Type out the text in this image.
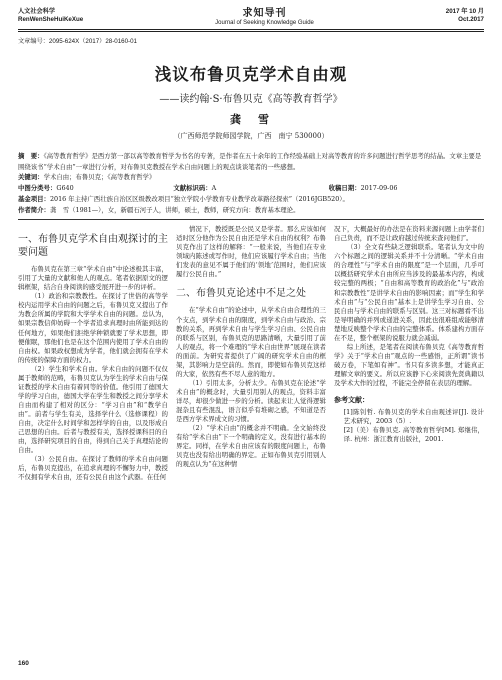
人文社会科学
RenWenSheHuiKeXue
求知导刊
Journal of Seeking Knowledge Guide
2017 年 10 月
Oct.2017
文章编号：2095-624X（2017）28-0160-01
浅议布鲁贝克学术自由观
——读约翰·S·布鲁贝克《高等教育哲学》
龚　雪
（广西师范学院师园学院，广西　南宁 530000）
摘　要：《高等教育哲学》是西方第一部以高等教育哲学为书名的专著，是作者在五十余年的工作经验基础上对高等教育的许多问题进行哲学思考的结晶。文章主要是围绕该书“学术自由”一章进行分析，对布鲁贝克教授在学术自由问题上的观点谈谈笔者的一些感想。
关键词：学术自由；布鲁贝克；《高等教育哲学》
中图分类号：G640	文献标识码：A	收稿日期：2017-09-06
基金项目：2016 年主持广西壮族自治区区级教改项目“独立学院小学教育专业教学改革路径探索”（2016JGB520）。
作者简介：龚　雪（1981—），女，新疆石河子人，讲师，硕士，教师，研究方向：教育基本理论。
一、布鲁贝克学术自由观探讨的主要问题

布鲁贝克在第三章“学术自由”中论述极其丰富，引用了大量的文献和他人的观点。笔者依据原文的逻辑框架，结合自身阅读的感受展开进一步的评析。

（1）政治和宗教教性。在探讨了世俗的高等学校内运用学术自由的问题之后，布鲁贝克又提出了作为教会所属的学院和大学学术自由的问题。总认为，如果宗教信仰妨碍一个学者追求真理时由所能到达的任何地方，如果他们拒绝学种锁就要了学术思想，即便催眠，那他们也是在这个范围内使用了学术自由的自由权。如果政权想成为学者，他们就会拥有在学术的传统的保障方面的权力。

（2）学生和学术自由。学术自由的问题不仅仅属于教师的范畴，布鲁贝克认为学生的学术自由与保证教授的学术自由有着同等的价值。他引用了德国大学的学习自由，德国大学在学生和教授之间分享学术自由而构建了相对的区分：“学习自由”和“教学自由”。前者与学生有关，选择学什么（选修课程）的自由，决定什么时间学和怎样学的自由，以及形成自己思想的自由。后者与教授有关，选择授课科目的自由，选择研究项目的自由，得到自己关于真理结论的自由。

（3）公民自由。在探讨了教师的学术自由问题后，布鲁贝克提出，在追求真理的不懈努力中，教授不仅拥有学术自由，还有公民自由这个武器。在任何

情况下，教授既是公民又是学者。那么应该如何适时区分他作为公民自由还是学术自由的权利？布鲁贝克作出了这样的解释：“一般来说，当他们在专业领域内陈述或写作时，他们应该履行学术自由；当他们发表的意见不属于他们的‘领地’范围时，他们应该履行公民自由。”

二、布鲁贝克论述中不足之处

在“学术自由”的论述中，从学术自由合理性的三个支点，到学术自由的限度，到学术自由与政治、宗教的关系，再到学术自由与学生学习自由、公民自由的联系与区别，布鲁贝克的思路清晰，大量引用了前人的观点，将一个难理的“学术自由世界”展现在读者的面前。为研究者提供了广阔的研究学术自由的框架，其影响力是空前的。然而，即使如布鲁贝克这样的大家，依然有些不尽人意的地方。

（1）引用太多，分析太少。布鲁贝克在论述“学术自由”的概念时，大量引用别人的观点，资料丰富详尽，却很少做进一步的分析。读起来让人觉得逻辑混杂且有些混乱，语言似乎有堆砌之感，不知道是否是西方学术界成文的习惯。

（2）“学术自由”的概念并不明确。全文始终没有给“学术自由”下一个明确的定义，没有进行基本的界定。同样，在学术自由应该有的限度问题上，布鲁贝克也没有给出明确的界定。正如布鲁贝克引用别人的观点认为“在这种情

况下，大概最好的办法是在资料来源问题上由学者们自己负责，而不是让政府越过传统来查问他们”。

（3）全文有些缺乏逻辑联系。笔者认为文中的六个标题之间的逻辑关系并不十分清晰。“学术自由的合理性”与“学术自由的限度”是一个层面，几乎可以概括研究学术自由所应当涉及的最基本内容，构成较完整的两极；“自由和高等教育的政治化”与“政治和宗教教性”是讲学术自由的影响因素；而“学生和学术自由”与“公民自由”基本上是讲学生学习自由、公民自由与学术自由的联系与区别。这三对标题看不出是导明确的并列或递进关系，因此也很难组成能够清楚地反映整个学术自由的完整体系。体系建构方面存在不足，整个框架的说服力就会减弱。

综上所述，是笔者在阅读布鲁贝克《高等教育哲学》关于“学术自由”观点的一些感悟，正所谓“读书破万卷，下笔如有神”。书只有多读多想，才能真正理解文章的要义。所以应该静下心来阅读先贤典籍以及学术大作的过程，不能完全停留在表层的理解。

参考文献：

[1]陈钊哲. 布鲁贝克的学术自由观述评[J]. 设计艺术研究，2003（5）.

[2]（美）布鲁贝克. 高等教育哲学[M]. 郑继伟，译. 杭州：浙江教育出版社，2001.

160
